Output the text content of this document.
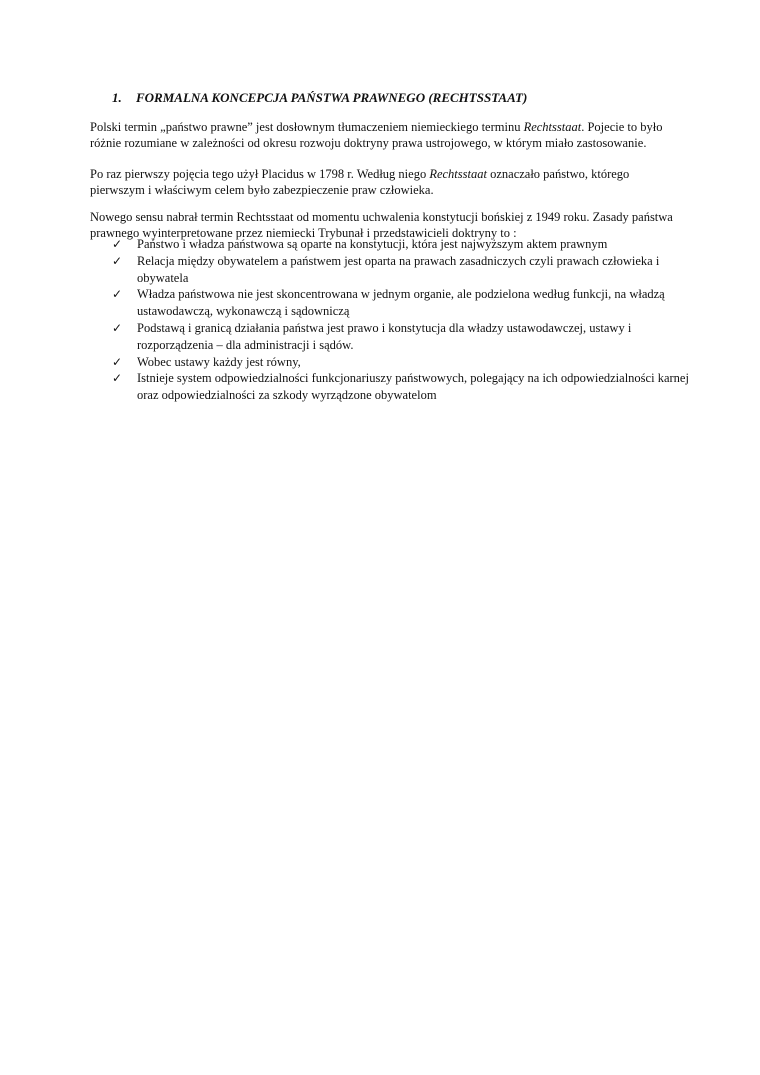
1. FORMALNA KONCEPCJA PAŃSTWA PRAWNEGO (RECHTSSTAAT)
Polski termin „państwo prawne” jest dosłownym tłumaczeniem niemieckiego terminu Rechtsstaat. Pojecie to było różnie rozumiane w zależności od okresu rozwoju doktryny prawa ustrojowego, w którym miało zastosowanie.
Po raz pierwszy pojęcia tego użył Placidus w 1798 r. Według niego Rechtsstaat oznaczało państwo, którego pierwszym i właściwym celem było zabezpieczenie praw człowieka.
Nowego sensu nabrał termin Rechtsstaat od momentu uchwalenia konstytucji bońskiej z 1949 roku. Zasady państwa prawnego wyinterpretowane przez niemiecki Trybunał i przedstawicieli doktryny to :
✓ Państwo i władza państwowa są oparte na konstytucji, która jest najwyższym aktem prawnym
✓ Relacja między obywatelem a państwem jest oparta na prawach zasadniczych czyli prawach człowieka i obywatela
✓ Władza państwowa nie jest skoncentrowana w jednym organie, ale podzielona według funkcji, na władzą ustawodawczą, wykonawczą i sądowniczą
✓ Podstawą i granicą działania państwa jest prawo i konstytucja dla władzy ustawodawczej, ustawy i rozporządzenia – dla administracji i sądów.
✓ Wobec ustawy każdy jest równy,
✓ Istnieje system odpowiedzialności funkcjonariuszy państwowych, polegający na ich odpowiedzialności karnej oraz odpowiedzialności za szkody wyrządzone obywatelom
